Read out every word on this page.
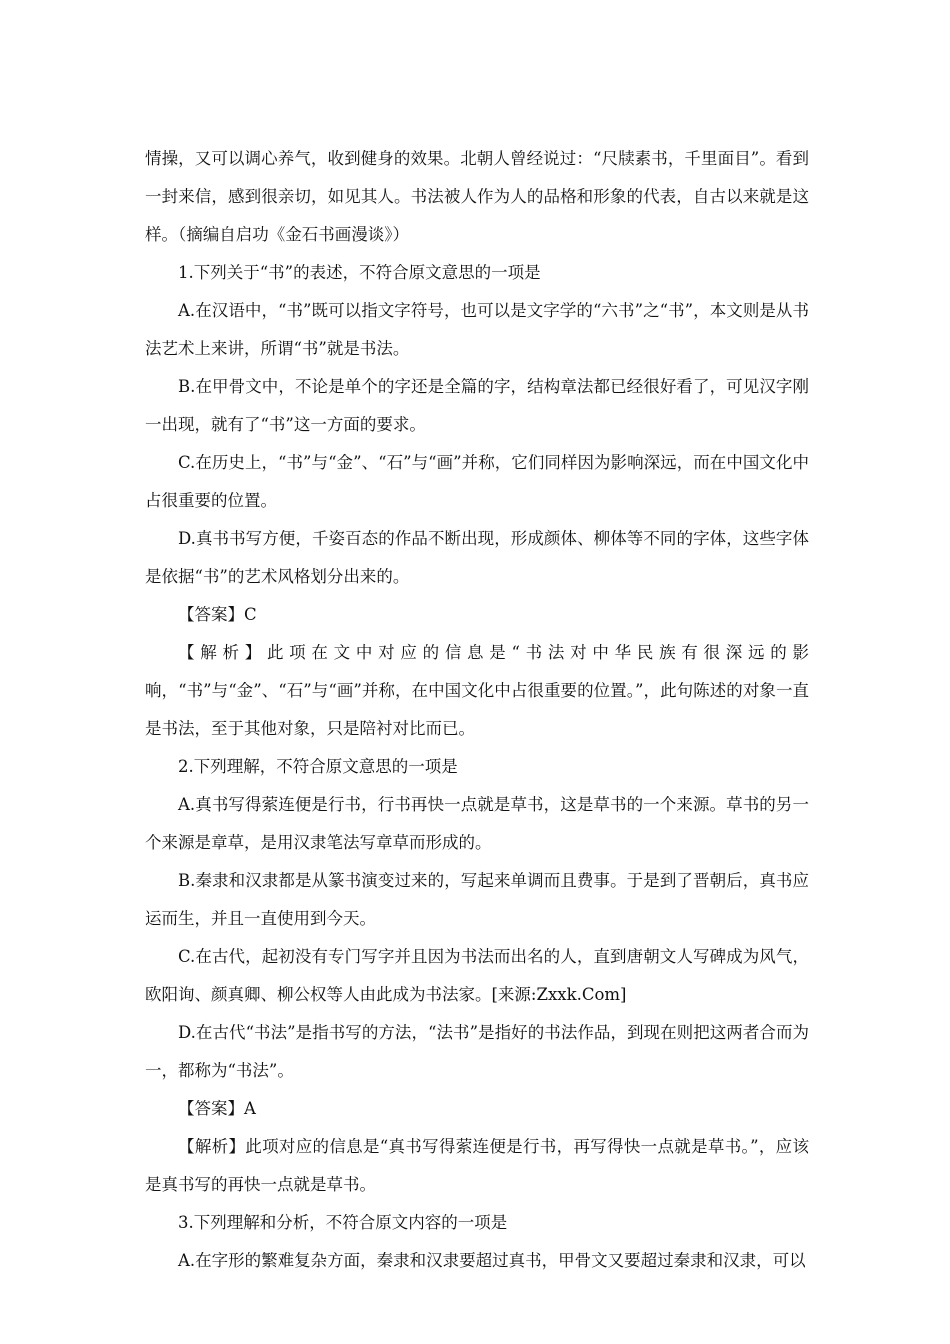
情操，又可以调心养气，收到健身的效果。北朝人曾经说过：“尺牍素书，千里面目”。看到一封来信，感到很亲切，如见其人。书法被人作为人的品格和形象的代表，自古以来就是这样。（摘编自启功《金石书画漫谈》）

1.下列关于“书”的表述，不符合原文意思的一项是

A.在汉语中，“书”既可以指文字符号，也可以是文字学的“六书”之“书”，本文则是从书法艺术上来讲，所谓“书”就是书法。

B.在甲骨文中，不论是单个的字还是全篇的字，结构章法都已经很好看了，可见汉字刚一出现，就有了“书”这一方面的要求。

C.在历史上，“书”与“金”、“石”与“画”并称，它们同样因为影响深远，而在中国文化中占很重要的位置。

D.真书书写方便，千姿百态的作品不断出现，形成颜体、柳体等不同的字体，这些字体是依据“书”的艺术风格划分出来的。

【答案】C

【解析】此项在文中对应的信息是“书法对中华民族有很深远的影响，“书”与“金”、“石”与“画”并称，在中国文化中占很重要的位置。”，此句陈述的对象一直是书法，至于其他对象，只是陪衬对比而已。

2.下列理解，不符合原文意思的一项是

A.真书写得萦连便是行书，行书再快一点就是草书，这是草书的一个来源。草书的另一个来源是章草，是用汉隶笔法写章草而形成的。

B.秦隶和汉隶都是从篆书演变过来的，写起来单调而且费事。于是到了晋朝后，真书应运而生，并且一直使用到今天。

C.在古代，起初没有专门写字并且因为书法而出名的人，直到唐朝文人写碑成为风气，欧阳询、颜真卿、柳公权等人由此成为书法家。[来源:Zxxk.Com]

D.在古代“书法”是指书写的方法，“法书”是指好的书法作品，到现在则把这两者合而为一，都称为“书法”。

【答案】A

【解析】此项对应的信息是“真书写得萦连便是行书，再写得快一点就是草书。”，应该是真书写的再快一点就是草书。

3.下列理解和分析，不符合原文内容的一项是

A.在字形的繁难复杂方面，秦隶和汉隶要超过真书，甲骨文又要超过秦隶和汉隶，可以
